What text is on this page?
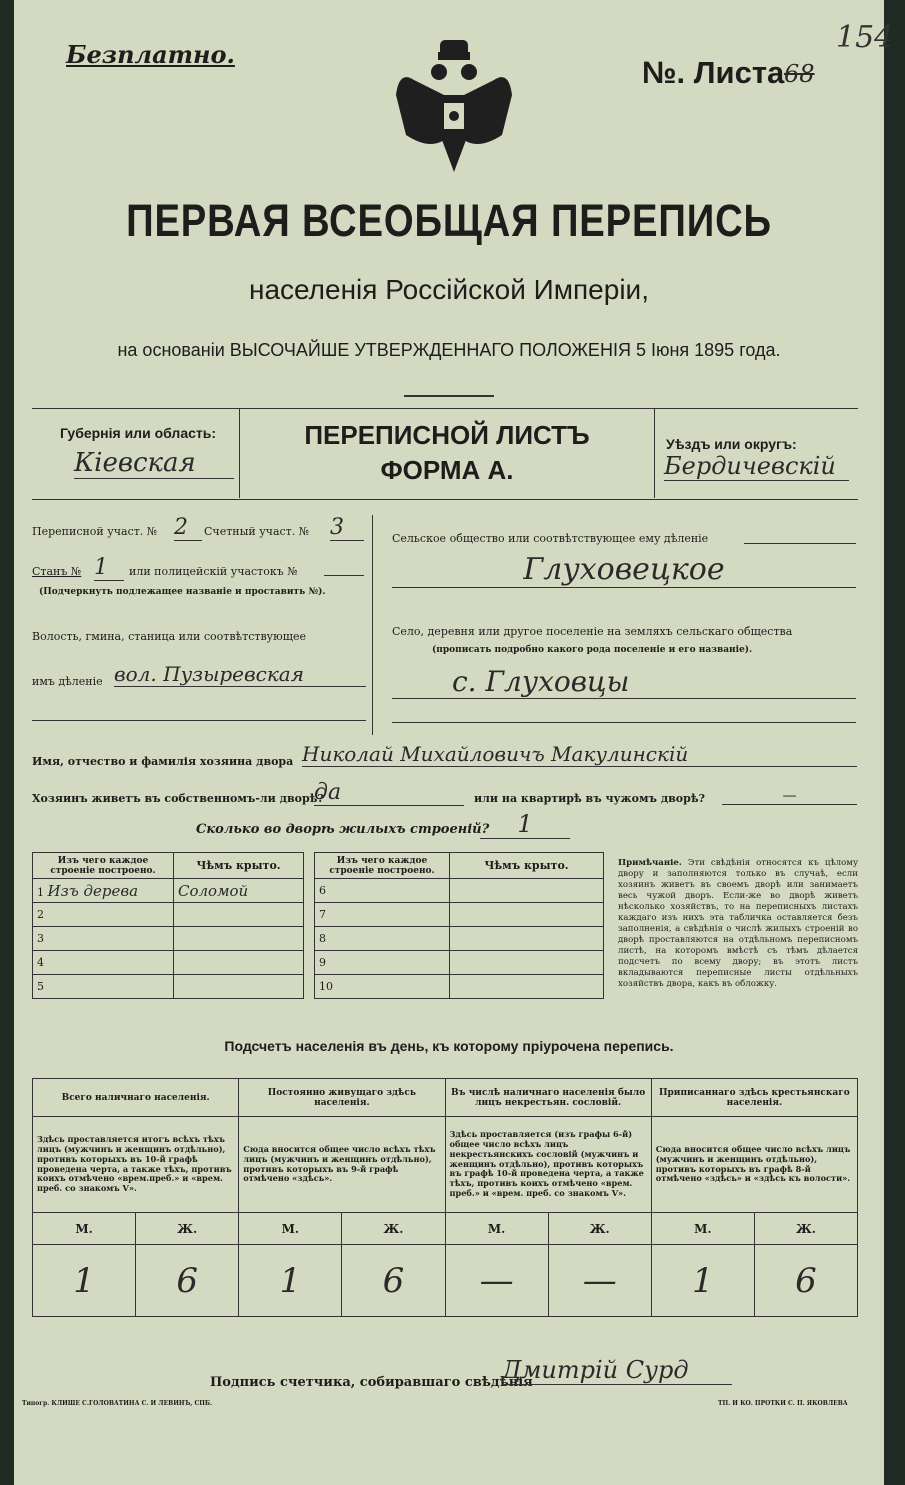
Безплатно.
№. Листа 68
154
ПЕРВАЯ ВСЕОБЩАЯ ПЕРЕПИСЬ
населенія Россійской Имперіи,
на основаніи ВЫСОЧАЙШЕ УТВЕРЖДЕННАГО ПОЛОЖЕНІЯ 5 Іюня 1895 года.
Губернія или область:
Кіевская
ПЕРЕПИСНОЙ ЛИСТЪ
ФОРМА А.
Уѣздъ или округъ:
Бердичевскій
Переписной участ. № 2	Счетный участ. № 3
Станъ № 1	или полицейскій участокъ №
(Подчеркнуть подлежащее названіе и проставить №).
Волость, гмина, станица или соотвѣтствующее
имъ дѣленіе вол. Пузыревская
Сельское общество или соотвѣтствующее ему дѣленіе
Глуховецкое
Село, деревня или другое поселеніе на земляхъ сельскаго общества
(прописать подробно какого рода поселеніе и его названіе).
с. Глуховцы
Имя, отчество и фамилія хозяина двора Николай Михайловичъ Макулинскій
Хозяинъ живетъ въ собственномъ-ли дворѣ?
да	или на квартирѣ въ чужомъ дворѣ?	—
Сколько во дворѣ жилыхъ строеній?	1
Изъ чего каждое строеніе построено.	Чѣмъ крыто.
1 Изъ дерева	Соломой
2	
3	
4	
5	
Изъ чего каждое строеніе построено.	Чѣмъ крыто.
6	
7	
8	
9	
10	
Примѣчаніе. Эти свѣдѣнія относятся къ цѣлому двору и заполняются только въ случаѣ, если хозяинъ живетъ въ своемъ дворѣ или занимаетъ весь чужой дворъ. Если-же во дворѣ живетъ нѣсколько хозяйствъ, то на переписныхъ листахъ каждаго изъ нихъ эта табличка оставляется безъ заполненія, а свѣдѣнія о числѣ жилыхъ строеній во дворѣ проставляются на отдѣльномъ переписномъ листѣ, на которомъ вмѣстѣ съ тѣмъ дѣлается подсчетъ по всему двору; въ этотъ листъ вкладываются переписные листы отдѣльныхъ хозяйствъ двора, какъ въ обложку.
Подсчетъ населенія въ день, къ которому пріурочена перепись.
Всего наличнаго населенія.		Постоянно живущаго здѣсь населенія.		Въ числѣ наличнаго населенія было лицъ некрестьян. сословій.		Приписаннаго здѣсь крестьянскаго населенія.	
Здѣсь проставляется итогъ всѣхъ тѣхъ лицъ (мужчинъ и женщинъ отдѣльно), противъ которыхъ въ 10-й графѣ проведена черта, а также тѣхъ, противъ коихъ отмѣчено «врем.преб.» и «врем. преб. со знакомъ V».		Сюда вносится общее число всѣхъ тѣхъ лицъ (мужчинъ и женщинъ отдѣльно), противъ которыхъ въ 9-й графѣ отмѣчено «здѣсь».		Здѣсь проставляется (изъ графы 6-й) общее число всѣхъ лицъ некрестьянскихъ сословій (мужчинъ и женщинъ отдѣльно), противъ которыхъ въ графѣ 10-й проведена черта, а также тѣхъ, противъ коихъ отмѣчено «врем. преб.» и «врем. преб. со знакомъ V».		Сюда вносится общее число всѣхъ лицъ (мужчинъ и женщинъ отдѣльно), противъ которыхъ въ графѣ 8-й отмѣчено «здѣсь» и «здѣсь къ волости».	
М.	Ж.	М.	Ж.	М.	Ж.	М.	Ж.
1	6	1	6	—	—	1	6
Подпись счетчика, собиравшаго свѣдѣнія
Дмитрій Сурд
Типогр. КЛИШЕ С.ГОЛОВАТИНА С. И ЛЕВИНЪ, СПБ.	ТП. И КО. ПРОТКИ С. П. ЯКОВЛЕВА
